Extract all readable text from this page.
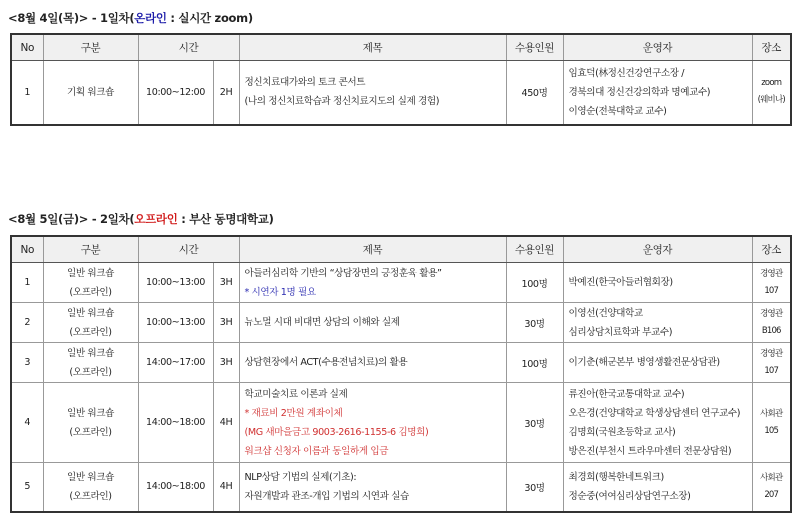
<8월 4일(목)> - 1일차(온라인 : 실시간 zoom)
No	구분	시간		제목	수용인원	운영자	장소
1	기획 워크숍	10:00~12:00	2H	정신치료대가와의 토크 콘서트
(나의 정신치료학습과 정신치료지도의 실제 경험)	450명	임효덕(林정신건강연구소장 /
경북의대 정신건강의학과 명예교수)
이영순(전북대학교 교수)	zoom
(웨비나)
<8월 5일(금)> - 2일차(오프라인 : 부산 동명대학교)
No	구분	시간		제목	수용인원	운영자	장소
1	일반 워크숍
(오프라인)	10:00~13:00	3H	아들러심리학 기반의 “상담장면의 긍정훈육 활용”
* 시연자 1명 필요	100명	박예진(한국아들러협회장)	경영관
107

2	일반 워크숍
(오프라인)	10:00~13:00	3H	뉴노멀 시대 비대면 상담의 이해와 실제	30명	이영선(건양대학교
심리상담치료학과 부교수)	경영관
B106

3	일반 워크숍
(오프라인)	14:00~17:00	3H	상담현장에서 ACT(수용전념치료)의 활용	100명	이기춘(해군본부 병영생활전문상담관)	경영관
107

4	일반 워크숍
(오프라인)	14:00~18:00	4H	학교미술치료 이론과 실제
* 재료비 2만원 계좌이체
(MG 새마을금고 9003-2616-1155-6 김명희)
워크샵 신청자 이름과 동일하게 입금	30명	류진아(한국교통대학교 교수)
오은경(건양대학교 학생상담센터 연구교수)
김명희(국원초등학교 교사)
방은진(부천시 트라우마센터 전문상담원)	사회관
105

5	일반 워크숍
(오프라인)	14:00~18:00	4H	NLP상담 기법의 실제(기초):
자원개발과 관조-개입 기법의 시연과 실습	30명	최경희(행복한네트워크)
정순중(여여심리상담연구소장)	사회관
207
